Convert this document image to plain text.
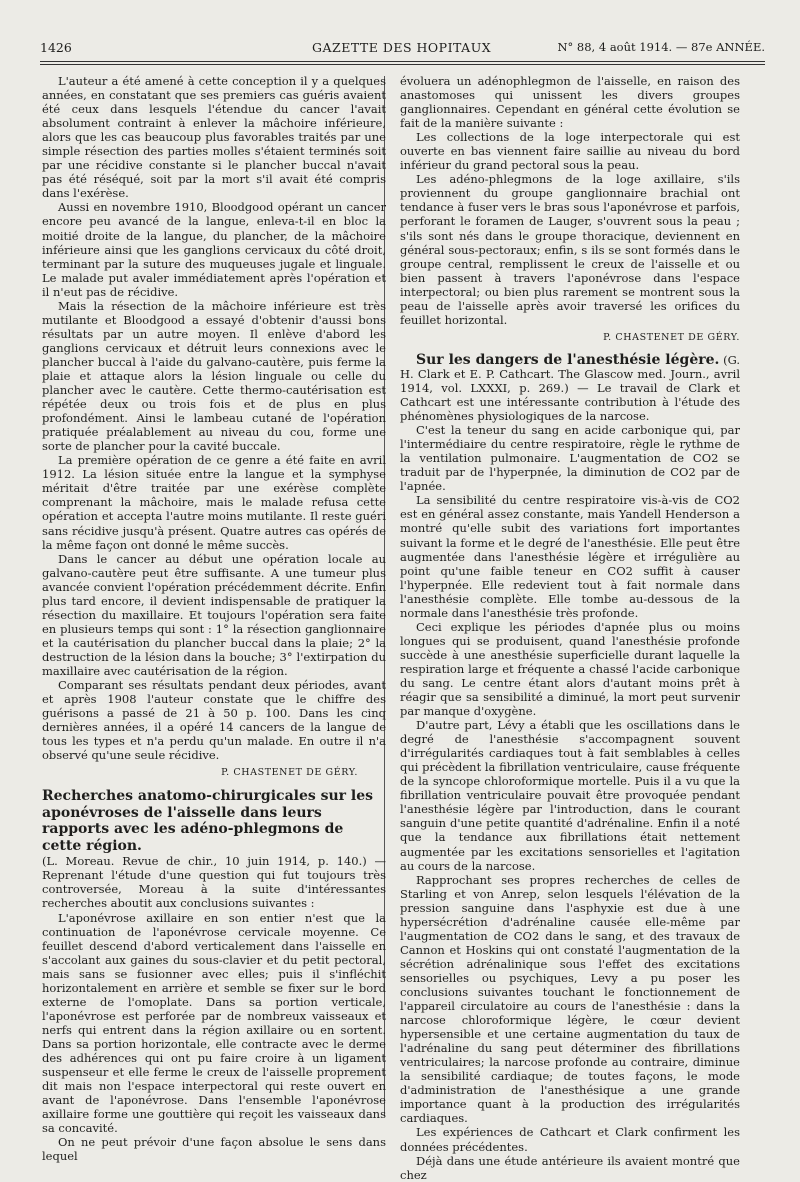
1426	GAZETTE DES HOPITAUX	N° 88, 4 août 1914. — 87e ANNÉE.

L'auteur a été amené à cette conception il y a quelques années, en constatant que ses premiers cas guéris avaient été ceux dans lesquels l'étendue du cancer l'avait absolument contraint à enlever la mâchoire inférieure, alors que les cas beaucoup plus favorables traités par une simple résection des parties molles s'étaient terminés soit par une récidive constante si le plancher buccal n'avait pas été réséqué, soit par la mort s'il avait été compris dans l'exérèse.

Aussi en novembre 1910, Bloodgood opérant un cancer encore peu avancé de la langue, enleva-t-il en bloc la moitié droite de la langue, du plancher, de la mâchoire inférieure ainsi que les ganglions cervicaux du côté droit, terminant par la suture des muqueuses jugale et linguale. Le malade put avaler immédiatement après l'opération et il n'eut pas de récidive.

Mais la résection de la mâchoire inférieure est très mutilante et Bloodgood a essayé d'obtenir d'aussi bons résultats par un autre moyen. Il enlève d'abord les ganglions cervicaux et détruit leurs connexions avec le plancher buccal à l'aide du galvano-cautère, puis ferme la plaie et attaque alors la lésion linguale ou celle du plancher avec le cautère. Cette thermo-cautérisation est répétée deux ou trois fois et de plus en plus profondément. Ainsi le lambeau cutané de l'opération pratiquée préalablement au niveau du cou, forme une sorte de plancher pour la cavité buccale.

La première opération de ce genre a été faite en avril 1912. La lésion située entre la langue et la symphyse méritait d'être traitée par une exérèse complète comprenant la mâchoire, mais le malade refusa cette opération et accepta l'autre moins mutilante. Il reste guéri sans récidive jusqu'à présent. Quatre autres cas opérés de la même façon ont donné le même succès.

Dans le cancer au début une opération locale au galvano-cautère peut être suffisante. A une tumeur plus avancée convient l'opération précédemment décrite. Enfin plus tard encore, il devient indispensable de pratiquer la résection du maxillaire. Et toujours l'opération sera faite en plusieurs temps qui sont : 1° la résection ganglionnaire et la cautérisation du plancher buccal dans la plaie; 2° la destruction de la lésion dans la bouche; 3° l'extirpation du maxillaire avec cautérisation de la région.

Comparant ses résultats pendant deux périodes, avant et après 1908 l'auteur constate que le chiffre des guérisons a passé de 21 à 50 p. 100. Dans les cinq dernières années, il a opéré 14 cancers de la langue de tous les types et n'a perdu qu'un malade. En outre il n'a observé qu'une seule récidive.

P. CHASTENET DE GÉRY.
Recherches anatomo-chirurgicales sur les aponévroses de l'aisselle dans leurs rapports avec les adéno-phlegmons de cette région.

(L. Moreau. Revue de chir., 10 juin 1914, p. 140.) — Reprenant l'étude d'une question qui fut toujours très controversée, Moreau à la suite d'intéressantes recherches aboutit aux conclusions suivantes :

L'aponévrose axillaire en son entier n'est que la continuation de l'aponévrose cervicale moyenne. Ce feuillet descend d'abord verticalement dans l'aisselle en s'accolant aux gaines du sous-clavier et du petit pectoral, mais sans se fusionner avec elles; puis il s'infléchit horizontalement en arrière et semble se fixer sur le bord externe de l'omoplate. Dans sa portion verticale, l'aponévrose est perforée par de nombreux vaisseaux et nerfs qui entrent dans la région axillaire ou en sortent. Dans sa portion horizontale, elle contracte avec le derme des adhérences qui ont pu faire croire à un ligament suspenseur et elle ferme le creux de l'aisselle proprement dit mais non l'espace interpectoral qui reste ouvert en avant de l'aponévrose. Dans l'ensemble l'aponévrose axillaire forme une gouttière qui reçoit les vaisseaux dans sa concavité.

On ne peut prévoir d'une façon absolue le sens dans lequel

évoluera un adénophlegmon de l'aisselle, en raison des anastomoses qui unissent les divers groupes ganglionnaires. Cependant en général cette évolution se fait de la manière suivante :

Les collections de la loge interpectorale qui est ouverte en bas viennent faire saillie au niveau du bord inférieur du grand pectoral sous la peau.

Les adéno-phlegmons de la loge axillaire, s'ils proviennent du groupe ganglionnaire brachial ont tendance à fuser vers le bras sous l'aponévrose et parfois, perforant le foramen de Lauger, s'ouvrent sous la peau ; s'ils sont nés dans le groupe thoracique, deviennent en général sous-pectoraux; enfin, s ils se sont formés dans le groupe central, remplissent le creux de l'aisselle et ou bien passent à travers l'aponévrose dans l'espace interpectoral; ou bien plus rarement se montrent sous la peau de l'aisselle après avoir traversé les orifices du feuillet horizontal.

P. CHASTENET DE GÉRY.

Sur les dangers de l'anesthésie légère. (G. H. Clark et E. P. Cathcart. The Glascow med. Journ., avril 1914, vol. LXXXI, p. 269.) — Le travail de Clark et Cathcart est une intéressante contribution à l'étude des phénomènes physiologiques de la narcose.

C'est la teneur du sang en acide carbonique qui, par l'intermédiaire du centre respiratoire, règle le rythme de la ventilation pulmonaire. L'augmentation de CO2 se traduit par de l'hyperpnée, la diminution de CO2 par de l'apnée.

La sensibilité du centre respiratoire vis-à-vis de CO2 est en général assez constante, mais Yandell Henderson a montré qu'elle subit des variations fort importantes suivant la forme et le degré de l'anesthésie. Elle peut être augmentée dans l'anesthésie légère et irrégulière au point qu'une faible teneur en CO2 suffit à causer l'hyperpnée. Elle redevient tout à fait normale dans l'anesthésie complète. Elle tombe au-dessous de la normale dans l'anesthésie très profonde.

Ceci explique les périodes d'apnée plus ou moins longues qui se produisent, quand l'anesthésie profonde succède à une anesthésie superficielle durant laquelle la respiration large et fréquente a chassé l'acide carbonique du sang. Le centre étant alors d'autant moins prêt à réagir que sa sensibilité a diminué, la mort peut survenir par manque d'oxygène.

D'autre part, Lévy a établi que les oscillations dans le degré de l'anesthésie s'accompagnent souvent d'irrégularités cardiaques tout à fait semblables à celles qui précèdent la fibrillation ventriculaire, cause fréquente de la syncope chloroformique mortelle. Puis il a vu que la fibrillation ventriculaire pouvait être provoquée pendant l'anesthésie légère par l'introduction, dans le courant sanguin d'une petite quantité d'adrénaline. Enfin il a noté que la tendance aux fibrillations était nettement augmentée par les excitations sensorielles et l'agitation au cours de la narcose.

Rapprochant ses propres recherches de celles de Starling et von Anrep, selon lesquels l'élévation de la pression sanguine dans l'asphyxie est due à une hypersécrétion d'adrénaline causée elle-même par l'augmentation de CO2 dans le sang, et des travaux de Cannon et Hoskins qui ont constaté l'augmentation de la sécrétion adrénalinique sous l'effet des excitations sensorielles ou psychiques, Levy a pu poser les conclusions suivantes touchant le fonctionnement de l'appareil circulatoire au cours de l'anesthésie : dans la narcose chloroformique légère, le cœur devient hypersensible et une certaine augmentation du taux de l'adrénaline du sang peut déterminer des fibrillations ventriculaires; la narcose profonde au contraire, diminue la sensibilité cardiaque; de toutes façons, le mode d'administration de l'anesthésique a une grande importance quant à la production des irrégularités cardiaques.

Les expériences de Cathcart et Clark confirment les données précédentes.

Déjà dans une étude antérieure ils avaient montré que chez
